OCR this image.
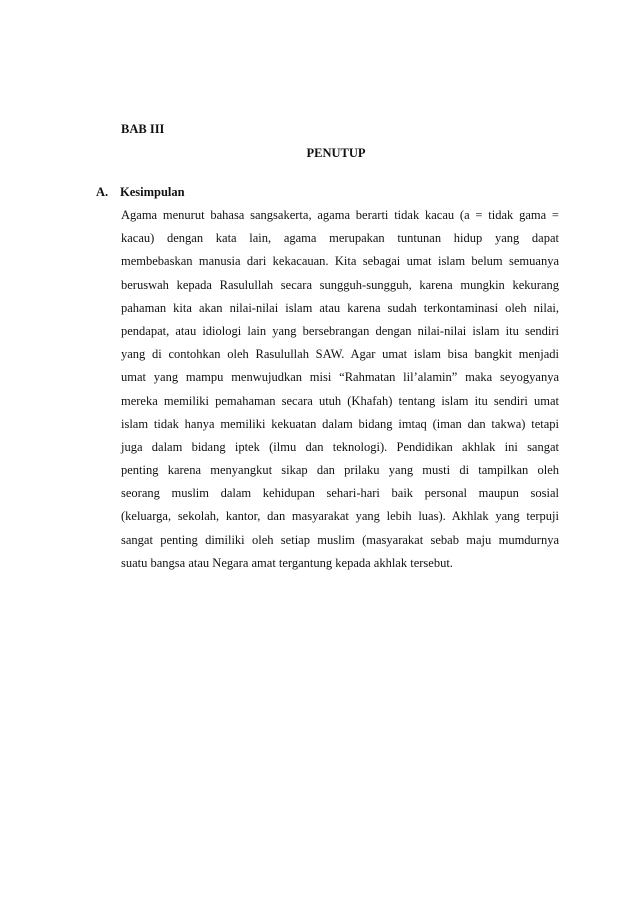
BAB III
PENUTUP
A. Kesimpulan
Agama menurut bahasa sangsakerta, agama berarti tidak kacau (a = tidak gama =
kacau) dengan kata lain, agama merupakan tuntunan hidup yang dapat
membebaskan manusia dari kekacauan. Kita sebagai umat islam belum semuanya
beruswah kepada Rasulullah secara sungguh-sungguh, karena mungkin kekurang
pahaman kita akan nilai-nilai islam atau karena sudah terkontaminasi oleh nilai,
pendapat, atau idiologi lain yang bersebrangan dengan nilai-nilai islam itu sendiri
yang di contohkan oleh Rasulullah SAW. Agar umat islam bisa bangkit menjadi
umat yang mampu menwujudkan misi “Rahmatan lil’alamin” maka seyogyanya
mereka memiliki pemahaman secara utuh (Khafah) tentang islam itu sendiri umat
islam tidak hanya memiliki kekuatan dalam bidang imtaq (iman dan takwa) tetapi
juga dalam bidang iptek (ilmu dan teknologi). Pendidikan akhlak ini sangat
penting karena menyangkut sikap dan prilaku yang musti di tampilkan oleh
seorang muslim dalam kehidupan sehari-hari baik personal maupun sosial
(keluarga, sekolah, kantor, dan masyarakat yang lebih luas). Akhlak yang terpuji
sangat penting dimiliki oleh setiap muslim (masyarakat sebab maju mumdurnya
suatu bangsa atau Negara amat tergantung kepada akhlak tersebut.
